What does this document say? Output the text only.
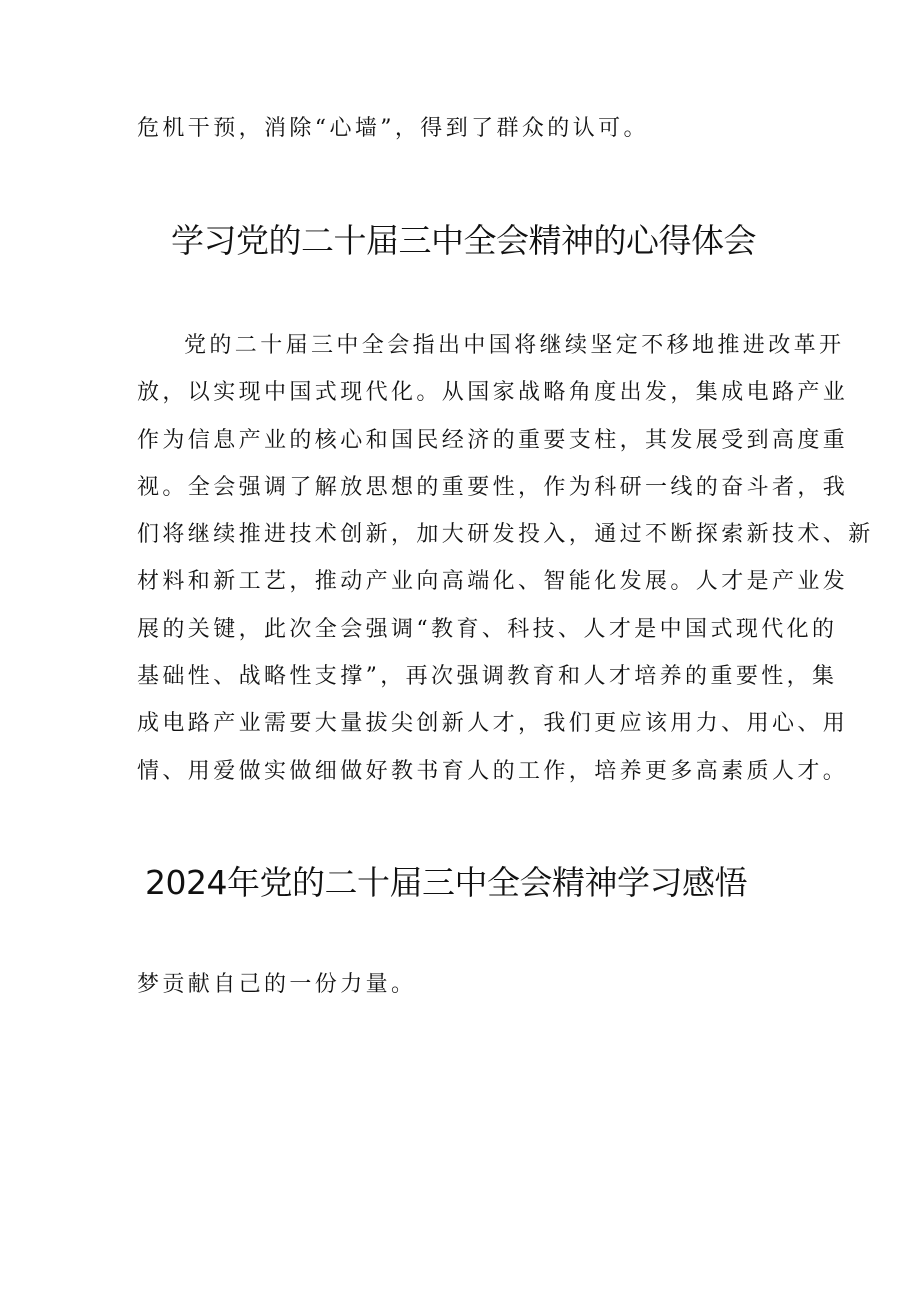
危机干预，消除“心墙”，得到了群众的认可。
学习党的二十届三中全会精神的心得体会
党的二十届三中全会指出中国将继续坚定不移地推进改革开
放，以实现中国式现代化。从国家战略角度出发，集成电路产业
作为信息产业的核心和国民经济的重要支柱，其发展受到高度重
视。全会强调了解放思想的重要性，作为科研一线的奋斗者，我
们将继续推进技术创新，加大研发投入，通过不断探索新技术、新
材料和新工艺，推动产业向高端化、智能化发展。人才是产业发
展的关键，此次全会强调“教育、科技、人才是中国式现代化的
基础性、战略性支撑”，再次强调教育和人才培养的重要性，集
成电路产业需要大量拔尖创新人才，我们更应该用力、用心、用
情、用爱做实做细做好教书育人的工作，培养更多高素质人才。
2024年党的二十届三中全会精神学习感悟
梦贡献自己的一份力量。
